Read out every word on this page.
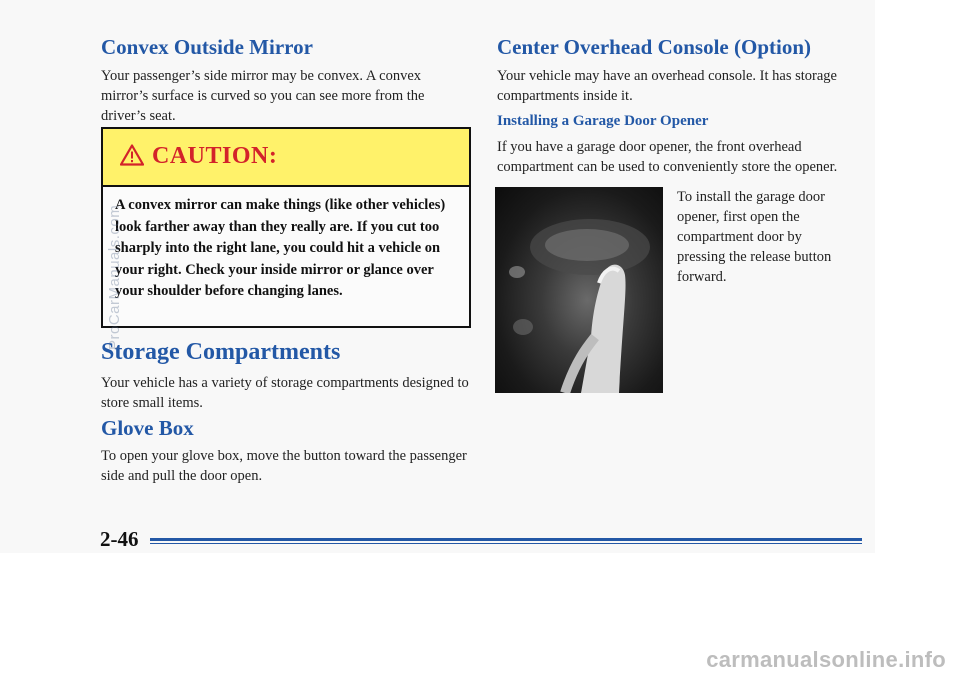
Convex Outside Mirror

Your passenger’s side mirror may be convex. A convex mirror’s surface is curved so you can see more from the driver’s seat.

CAUTION:

A convex mirror can make things (like other vehicles) look farther away than they really are. If you cut too sharply into the right lane, you could hit a vehicle on your right. Check your inside mirror or glance over your shoulder before changing lanes.

Storage Compartments

Your vehicle has a variety of storage compartments designed to store small items.

Glove Box

To open your glove box, move the button toward the passenger side and pull the door open.

Center Overhead Console (Option)

Your vehicle may have an overhead console. It has storage compartments inside it.

Installing a Garage Door Opener

If you have a garage door opener, the front overhead compartment can be used to conveniently store the opener.

To install the garage door opener, first open the compartment door by pressing the release button forward.

2-46
ProCarManuals.com
carmanualsonline.info
